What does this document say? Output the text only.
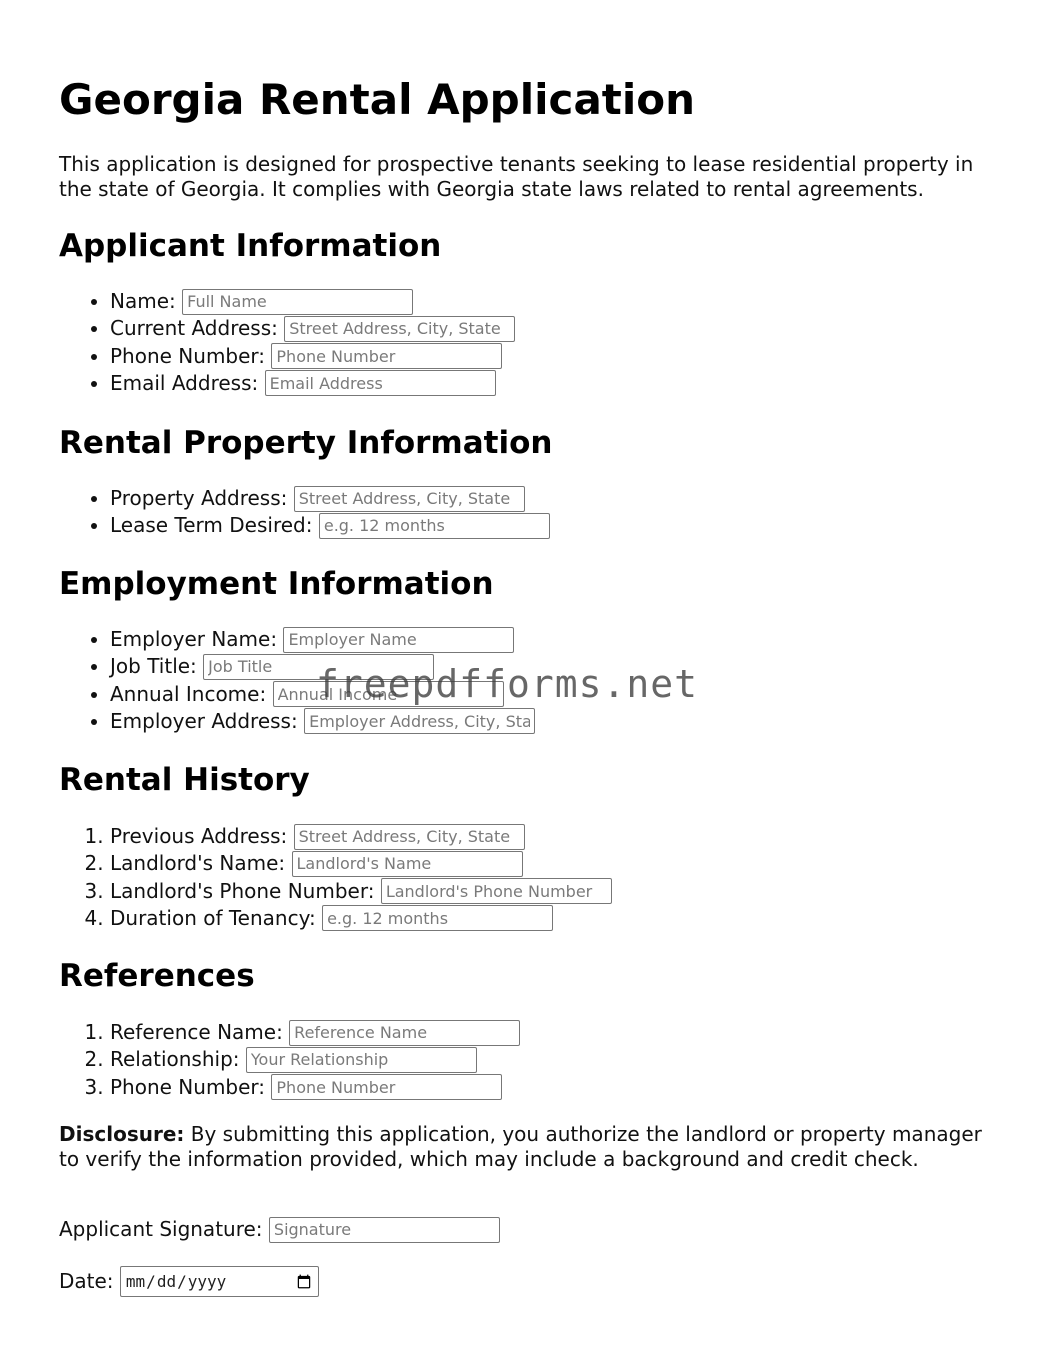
Georgia Rental Application

This application is designed for prospective tenants seeking to lease residential property in the state of Georgia. It complies with Georgia state laws related to rental agreements.

Applicant Information
• Name: Full Name
• Current Address: Street Address, City, State
• Phone Number: Phone Number
• Email Address: Email Address
Rental Property Information
• Property Address: Street Address, City, State
• Lease Term Desired: e.g. 12 months
Employment Information
• Employer Name: Employer Name
• Job Title: Job Title
• Annual Income: Annual Income
• Employer Address: Employer Address, City, State
Rental History
1. Previous Address: Street Address, City, State
2. Landlord's Name: Landlord's Name
3. Landlord's Phone Number: Landlord's Phone Number
4. Duration of Tenancy: e.g. 12 months
References
1. Reference Name: Reference Name
2. Relationship: Your Relationship
3. Phone Number: Phone Number

Disclosure: By submitting this application, you authorize the landlord or property manager to verify the information provided, which may include a background and credit check.

Applicant Signature: Signature
Date:
freepdfforms.net
